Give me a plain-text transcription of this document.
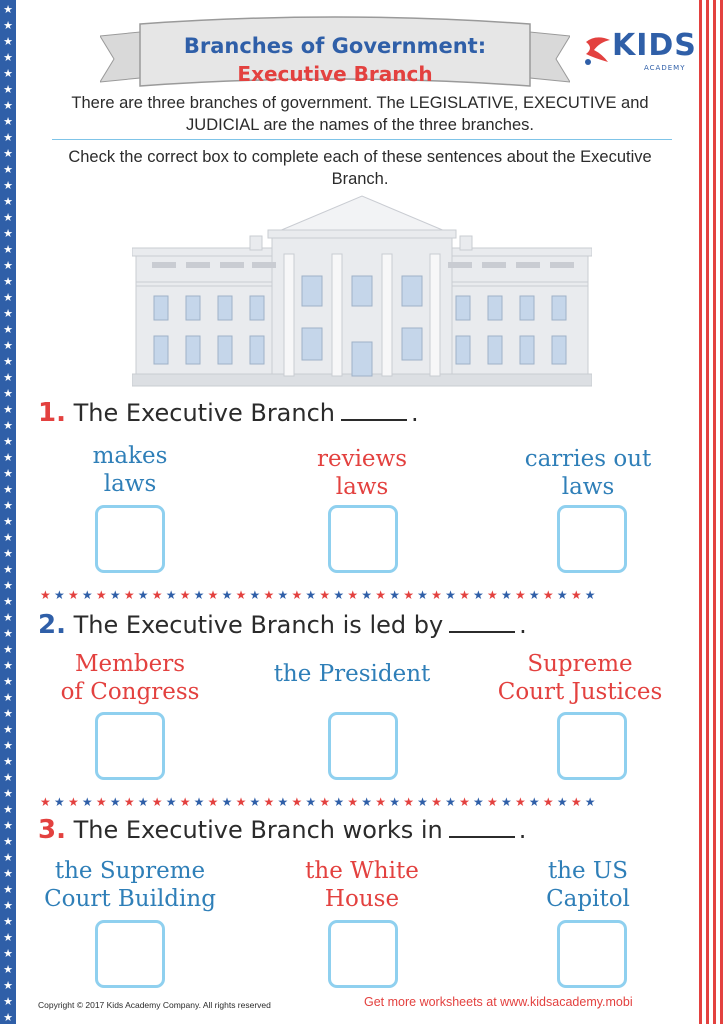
★
★
★
★
★
★
★
★
★
★
★
★
★
★
★
★
★
★
★
★
★
★
★
★
★
★
★
★
★
★
★
★
★
★
★
★
★
★
★
★
★
★
★
★
★
★
★
★
★
★
★
★
★
★
★
★
★
★
★
★
★
★
★
★

Branches of Government:
Executive Branch
KIDS
ACADEMY
There are three branches of government. The LEGISLATIVE, EXECUTIVE and JUDICIAL are the names of the three branches.
Check the correct box to complete each of these sentences about the Executive Branch.
1. The Executive Branch	.
makes
laws
reviews
laws
carries out
laws
★★★★★★★★★★★★★★★★★★★★★★★★★★★★★★★★★★★★★★★★
2. The Executive Branch is led by	.
Members
of Congress
the President	Supreme
Court Justices
★★★★★★★★★★★★★★★★★★★★★★★★★★★★★★★★★★★★★★★★
3. The Executive Branch works in	.
the Supreme
Court Building
the White
House
the US
Capitol
Copyright © 2017 Kids Academy Company. All rights reserved	Get more worksheets at www.kidsacademy.mobi
